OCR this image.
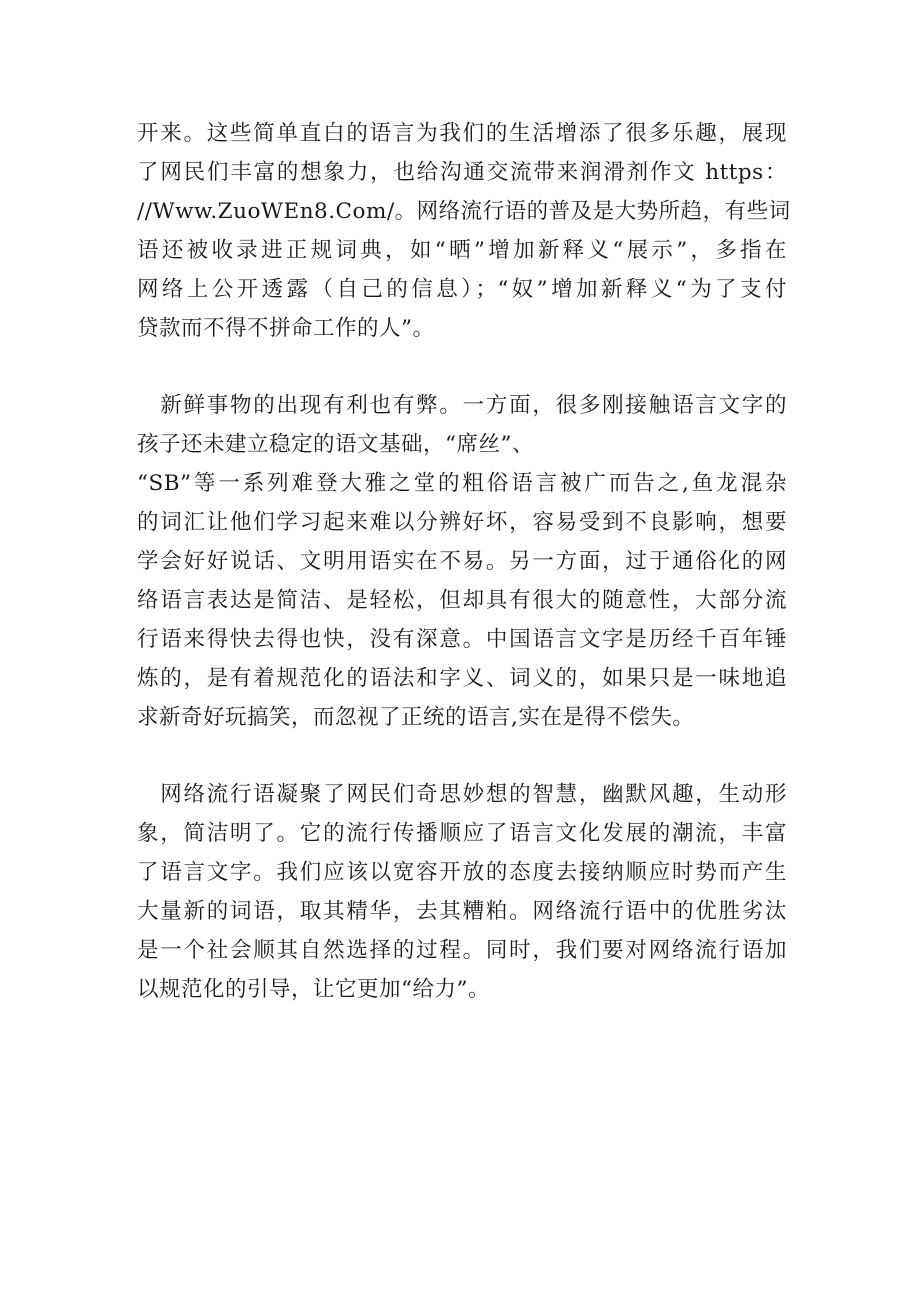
开来。这些简单直白的语言为我们的生活增添了很多乐趣，展现
了网民们丰富的想象力，也给沟通交流带来润滑剂作文 https：
//Www.ZuoWEn8.Com/。网络流行语的普及是大势所趋，有些词
语还被收录进正规词典，如“晒”增加新释义“展示”，多指在
网络上公开透露（自己的信息）；“奴”增加新释义“为了支付
贷款而不得不拼命工作的人”。
　新鲜事物的出现有利也有弊。一方面，很多刚接触语言文字的
孩子还未建立稳定的语文基础，“席丝”、
“SB”等一系列难登大雅之堂的粗俗语言被广而告之,鱼龙混杂
的词汇让他们学习起来难以分辨好坏，容易受到不良影响，想要
学会好好说话、文明用语实在不易。另一方面，过于通俗化的网
络语言表达是简洁、是轻松，但却具有很大的随意性，大部分流
行语来得快去得也快，没有深意。中国语言文字是历经千百年锤
炼的，是有着规范化的语法和字义、词义的，如果只是一味地追
求新奇好玩搞笑，而忽视了正统的语言,实在是得不偿失。
　网络流行语凝聚了网民们奇思妙想的智慧，幽默风趣，生动形
象，简洁明了。它的流行传播顺应了语言文化发展的潮流，丰富
了语言文字。我们应该以宽容开放的态度去接纳顺应时势而产生
大量新的词语，取其精华，去其糟粕。网络流行语中的优胜劣汰
是一个社会顺其自然选择的过程。同时，我们要对网络流行语加
以规范化的引导，让它更加“给力”。
